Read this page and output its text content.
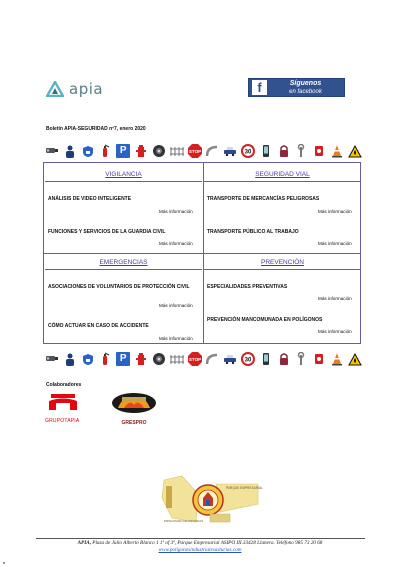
apia	f	Síguenos
en facebook
Boletín APIA-SEGURIDAD nº7, enero 2020
P	STOP	30
VIGILANCIA
ANÁLISIS DE VIDEO INTELIGENTE
Más información
FUNCIONES Y SERVICIOS DE LA GUARDIA CIVIL
Más información
SEGURIDAD VIAL
TRANSPORTE DE MERCANCÍAS PELIGROSAS
Más información
TRANSPORTE PÚBLICO AL TRABAJO
Más información
EMERGENCIAS
ASOCIACIONES DE VOLUNTARIOS DE PROTECCIÓN CIVIL
Más información
CÓMO ACTUAR EN CASO DE ACCIDENTE
Más información
PREVENCIÓN
ESPECIALIDADES PREVENTIVAS
Más información
PREVENCIÓN MANCOMUNADA EN POLÍGONOS
Más información
P	STOP	30
Colaboradores
GRUPOTAPIA	GRESPRO
PARQUE EMPRESARIAL
PRINCIPADO DE ASTURIAS
APIA, Plaza de Julio Alberto Blanco 1 1º of 3ª, Parque Empresarial ASIPO III.33428 Llanera. Teléfono 985 73 20 68
www.poligonosindustrialesasturias.com
